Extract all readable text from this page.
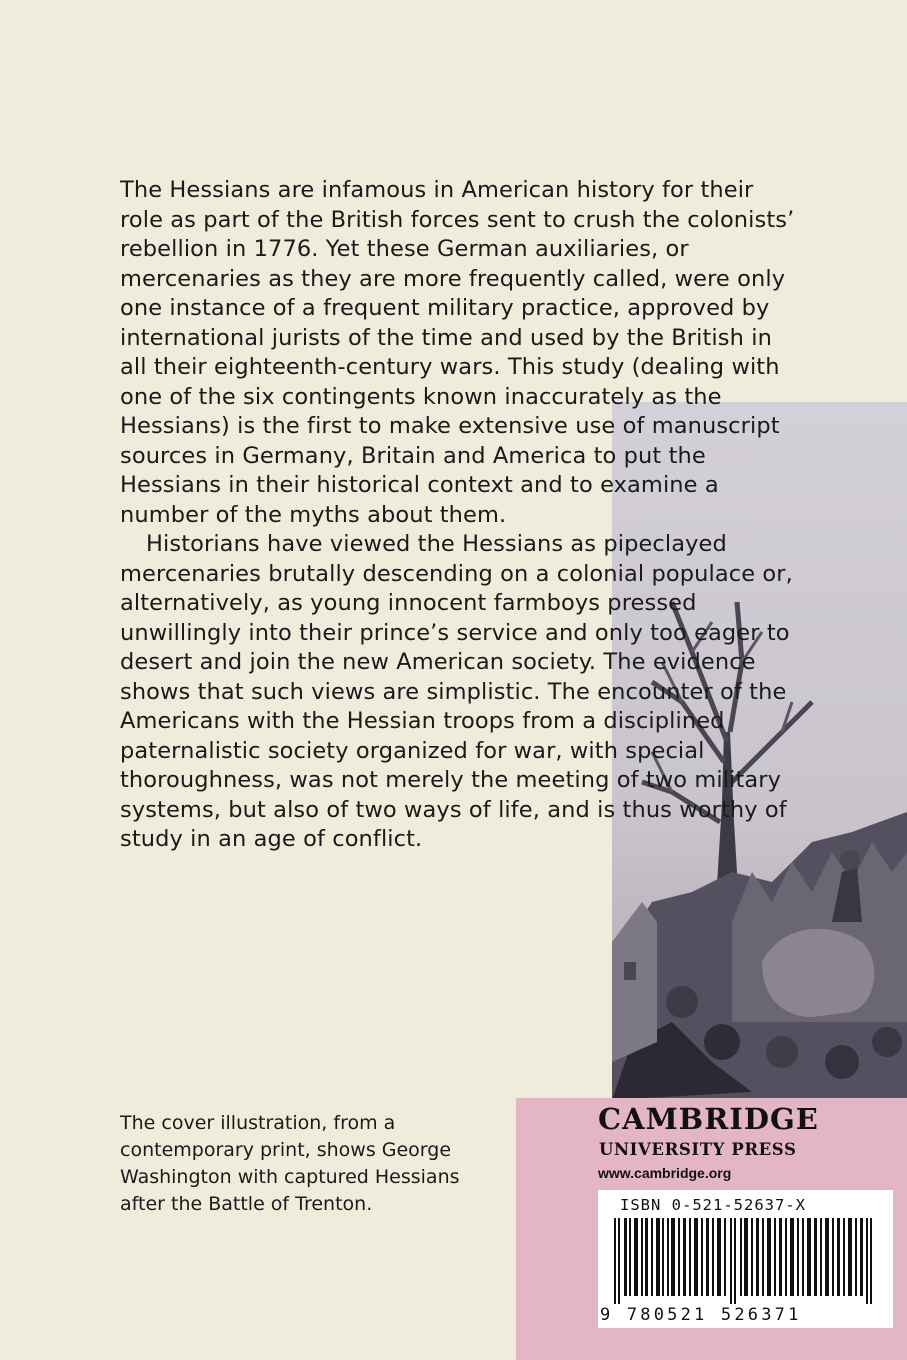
The Hessians are infamous in American history for their role as part of the British forces sent to crush the colonists’ rebellion in 1776. Yet these German auxiliaries, or mercenaries as they are more frequently called, were only one instance of a frequent military practice, approved by international jurists of the time and used by the British in all their eighteenth-century wars. This study (dealing with one of the six contingents known inaccurately as the Hessians) is the first to make extensive use of manuscript sources in Germany, Britain and America to put the Hessians in their historical context and to examine a number of the myths about them.

Historians have viewed the Hessians as pipeclayed mercenaries brutally descending on a colonial populace or, alternatively, as young innocent farmboys pressed unwillingly into their prince’s service and only too eager to desert and join the new American society. The evidence shows that such views are simplistic. The encounter of the Americans with the Hessian troops from a disciplined paternalistic society organized for war, with special thoroughness, was not merely the meeting of two military systems, but also of two ways of life, and is thus worthy of study in an age of conflict.

The cover illustration, from a contemporary print, shows George Washington with captured Hessians after the Battle of Trenton.
CAMBRIDGE
UNIVERSITY PRESS
www.cambridge.org
ISBN 0-521-52637-X
9 780521 526371
